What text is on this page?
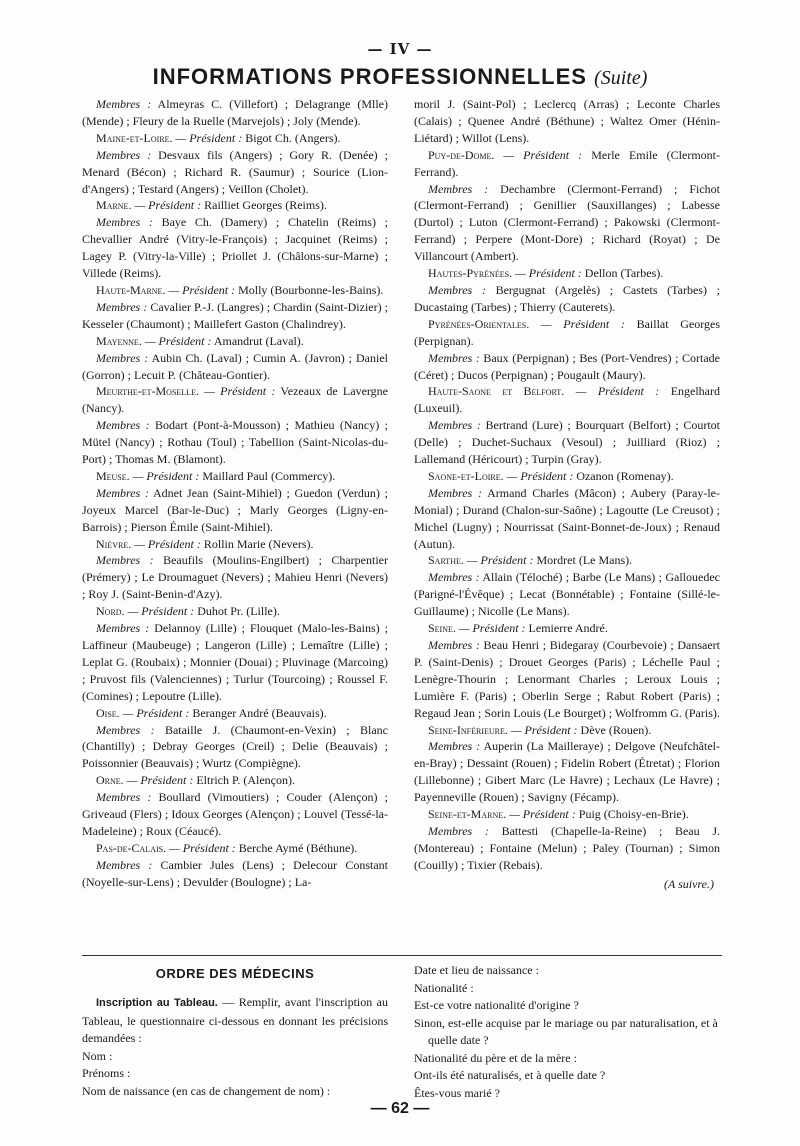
— IV —
INFORMATIONS PROFESSIONNELLES (Suite)

Membres : Almeyras C. (Villefort) ; Delagrange (Mlle) (Mende) ; Fleury de la Ruelle (Marvejols) ; Joly (Mende).

Maine-et-Loire. — Président : Bigot Ch. (Angers).

Membres : Desvaux fils (Angers) ; Gory R. (Denée) ; Menard (Bécon) ; Richard R. (Saumur) ; Sourice (Lion-d'Angers) ; Testard (Angers) ; Veillon (Cholet).

Marne. — Président : Railliet Georges (Reims).

Membres : Baye Ch. (Damery) ; Chatelin (Reims) ; Chevallier André (Vitry-le-François) ; Jacquinet (Reims) ; Lagey P. (Vitry-la-Ville) ; Priollet J. (Châlons-sur-Marne) ; Villede (Reims).

Haute-Marne. — Président : Molly (Bourbonne-les-Bains).

Membres : Cavalier P.-J. (Langres) ; Chardin (Saint-Dizier) ; Kesseler (Chaumont) ; Maillefert Gaston (Chalindrey).

Mayenne. — Président : Amandrut (Laval).

Membres : Aubin Ch. (Laval) ; Cumin A. (Javron) ; Daniel (Gorron) ; Lecuit P. (Château-Gontier).

Meurthe-et-Moselle. — Président : Vezeaux de Lavergne (Nancy).

Membres : Bodart (Pont-à-Mousson) ; Mathieu (Nancy) ; Mütel (Nancy) ; Rothau (Toul) ; Tabellion (Saint-Nicolas-du-Port) ; Thomas M. (Blamont).

Meuse. — Président : Maillard Paul (Commercy).

Membres : Adnet Jean (Saint-Mihiel) ; Guedon (Verdun) ; Joyeux Marcel (Bar-le-Duc) ; Marly Georges (Ligny-en-Barrois) ; Pierson Émile (Saint-Mihiel).

Nièvre. — Président : Rollin Marie (Nevers).

Membres : Beaufils (Moulins-Engilbert) ; Charpentier (Prémery) ; Le Droumaguet (Nevers) ; Mahieu Henri (Nevers) ; Roy J. (Saint-Benin-d'Azy).

Nord. — Président : Duhot Pr. (Lille).

Membres : Delannoy (Lille) ; Flouquet (Malo-les-Bains) ; Laffineur (Maubeuge) ; Langeron (Lille) ; Lemaître (Lille) ; Leplat G. (Roubaix) ; Monnier (Douai) ; Pluvinage (Marcoing) ; Pruvost fils (Valenciennes) ; Turlur (Tourcoing) ; Roussel F. (Comines) ; Lepoutre (Lille).

Oise. — Président : Beranger André (Beauvais).

Membres : Bataille J. (Chaumont-en-Vexin) ; Blanc (Chantilly) ; Debray Georges (Creil) ; Delie (Beauvais) ; Poissonnier (Beauvais) ; Wurtz (Compiègne).

Orne. — Président : Eltrich P. (Alençon).

Membres : Boullard (Vimoutiers) ; Couder (Alençon) ; Griveaud (Flers) ; Idoux Georges (Alençon) ; Louvel (Tessé-la-Madeleine) ; Roux (Céaucé).

Pas-de-Calais. — Président : Berche Aymé (Béthune).

Membres : Cambier Jules (Lens) ; Delecour Constant (Noyelle-sur-Lens) ; Devulder (Boulogne) ; La-

moril J. (Saint-Pol) ; Leclercq (Arras) ; Leconte Charles (Calais) ; Quenee André (Béthune) ; Waltez Omer (Hénin-Liétard) ; Willot (Lens).

Puy-de-Dome. — Président : Merle Emile (Clermont-Ferrand).

Membres : Dechambre (Clermont-Ferrand) ; Fichot (Clermont-Ferrand) ; Genillier (Sauxillanges) ; Labesse (Durtol) ; Luton (Clermont-Ferrand) ; Pakowski (Clermont-Ferrand) ; Perpere (Mont-Dore) ; Richard (Royat) ; De Villancourt (Ambert).

Hautes-Pyrénées. — Président : Dellon (Tarbes).

Membres : Bergugnat (Argelès) ; Castets (Tarbes) ; Ducastaing (Tarbes) ; Thierry (Cauterets).

Pyrénées-Orientales. — Président : Baillat Georges (Perpignan).

Membres : Baux (Perpignan) ; Bes (Port-Vendres) ; Cortade (Céret) ; Ducos (Perpignan) ; Pougault (Maury).

Haute-Saone et Belfort. — Président : Engelhard (Luxeuil).

Membres : Bertrand (Lure) ; Bourquart (Belfort) ; Courtot (Delle) ; Duchet-Suchaux (Vesoul) ; Juilliard (Rioz) ; Lallemand (Héricourt) ; Turpin (Gray).

Saone-et-Loire. — Président : Ozanon (Romenay).

Membres : Armand Charles (Mâcon) ; Aubery (Paray-le-Monial) ; Durand (Chalon-sur-Saône) ; Lagoutte (Le Creusot) ; Michel (Lugny) ; Nourrissat (Saint-Bonnet-de-Joux) ; Renaud (Autun).

Sarthe. — Président : Mordret (Le Mans).

Membres : Allain (Téloché) ; Barbe (Le Mans) ; Gallouedec (Parigné-l'Évêque) ; Lecat (Bonnétable) ; Fontaine (Sillé-le-Guillaume) ; Nicolle (Le Mans).

Seine. — Président : Lemierre André.

Membres : Beau Henri ; Bidegaray (Courbevoie) ; Dansaert P. (Saint-Denis) ; Drouet Georges (Paris) ; Léchelle Paul ; Lenègre-Thourin ; Lenormant Charles ; Leroux Louis ; Lumière F. (Paris) ; Oberlin Serge ; Rabut Robert (Paris) ; Regaud Jean ; Sorin Louis (Le Bourget) ; Wolfromm G. (Paris).

Seine-Inférieure. — Président : Dève (Rouen).

Membres : Auperin (La Mailleraye) ; Delgove (Neufchâtel-en-Bray) ; Dessaint (Rouen) ; Fidelin Robert (Étretat) ; Florion (Lillebonne) ; Gibert Marc (Le Havre) ; Lechaux (Le Havre) ; Payenneville (Rouen) ; Savigny (Fécamp).

Seine-et-Marne. — Président : Puig (Choisy-en-Brie).

Membres : Battesti (Chapelle-la-Reine) ; Beau J. (Montereau) ; Fontaine (Melun) ; Paley (Tournan) ; Simon (Couilly) ; Tixier (Rebais).

(A suivre.)
ORDRE DES MÉDECINS

Inscription au Tableau. — Remplir, avant l'inscription au Tableau, le questionnaire ci-dessous en donnant les précisions demandées :

Nom :

Prénoms :

Nom de naissance (en cas de changement de nom) :

Date et lieu de naissance :

Nationalité :

Est-ce votre nationalité d'origine ?

Sinon, est-elle acquise par le mariage ou par naturalisation, et à quelle date ?

Nationalité du père et de la mère :

Ont-ils été naturalisés, et à quelle date ?

Êtes-vous marié ?

— 62 —
